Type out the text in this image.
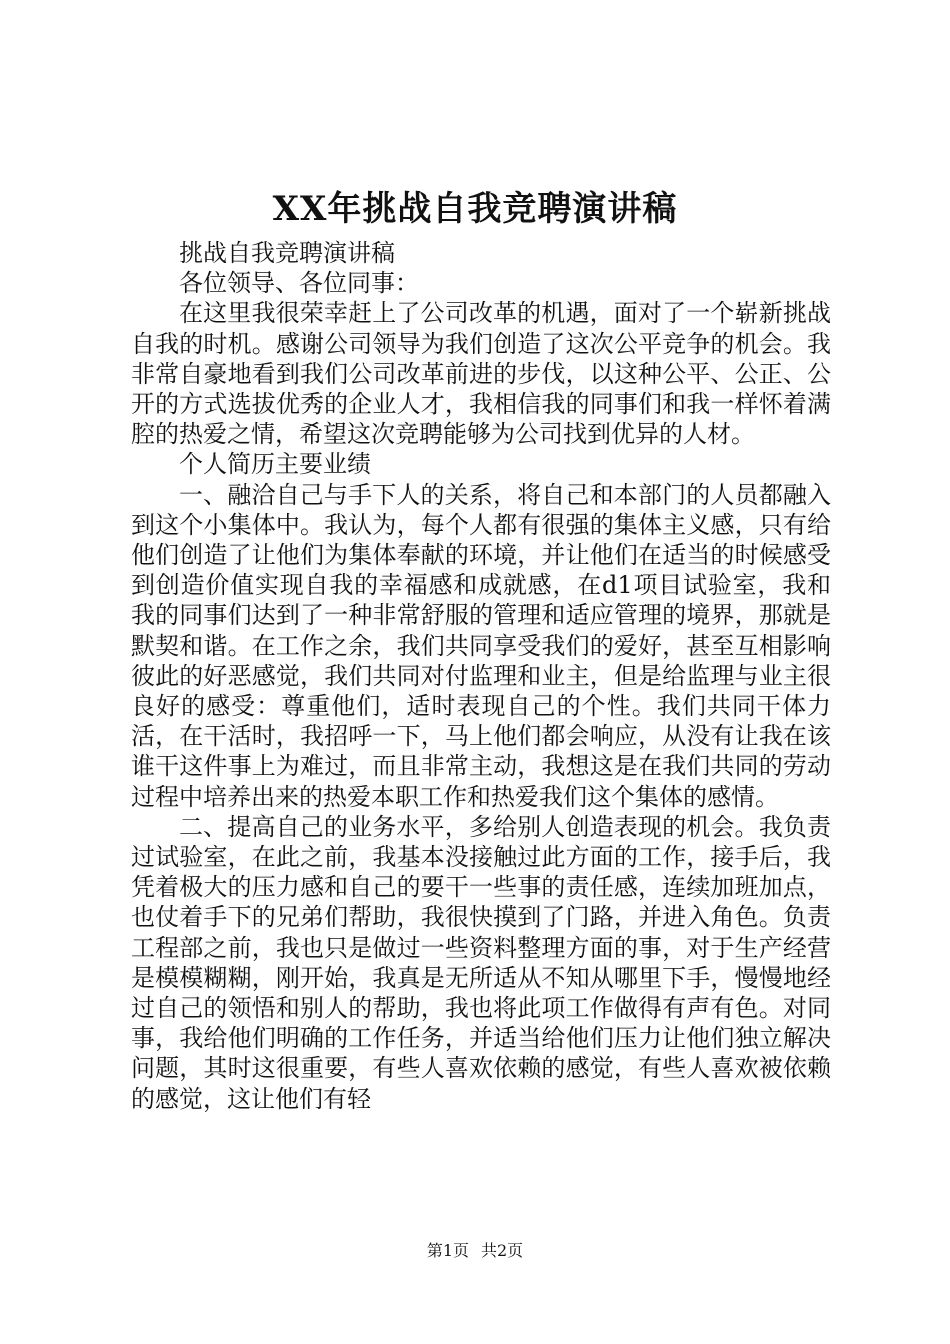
XX年挑战自我竞聘演讲稿

挑战自我竞聘演讲稿

各位领导、各位同事：

在这里我很荣幸赶上了公司改革的机遇，面对了一个崭新挑战自我的时机。感谢公司领导为我们创造了这次公平竞争的机会。我非常自豪地看到我们公司改革前进的步伐，以这种公平、公正、公开的方式选拔优秀的企业人才，我相信我的同事们和我一样怀着满腔的热爱之情，希望这次竞聘能够为公司找到优异的人材。

个人简历主要业绩

一、融洽自己与手下人的关系，将自己和本部门的人员都融入到这个小集体中。我认为，每个人都有很强的集体主义感，只有给他们创造了让他们为集体奉献的环境，并让他们在适当的时候感受到创造价值实现自我的幸福感和成就感，在d1项目试验室，我和我的同事们达到了一种非常舒服的管理和适应管理的境界，那就是默契和谐。在工作之余，我们共同享受我们的爱好，甚至互相影响彼此的好恶感觉，我们共同对付监理和业主，但是给监理与业主很良好的感受：尊重他们，适时表现自己的个性。我们共同干体力活，在干活时，我招呼一下，马上他们都会响应，从没有让我在该谁干这件事上为难过，而且非常主动，我想这是在我们共同的劳动过程中培养出来的热爱本职工作和热爱我们这个集体的感情。

二、提高自己的业务水平，多给别人创造表现的机会。我负责过试验室，在此之前，我基本没接触过此方面的工作，接手后，我凭着极大的压力感和自己的要干一些事的责任感，连续加班加点，也仗着手下的兄弟们帮助，我很快摸到了门路，并进入角色。负责工程部之前，我也只是做过一些资料整理方面的事，对于生产经营是模模糊糊，刚开始，我真是无所适从不知从哪里下手，慢慢地经过自己的领悟和别人的帮助，我也将此项工作做得有声有色。对同事，我给他们明确的工作任务，并适当给他们压力让他们独立解决问题，其时这很重要，有些人喜欢依赖的感觉，有些人喜欢被依赖的感觉，这让他们有轻

第1页 共2页
